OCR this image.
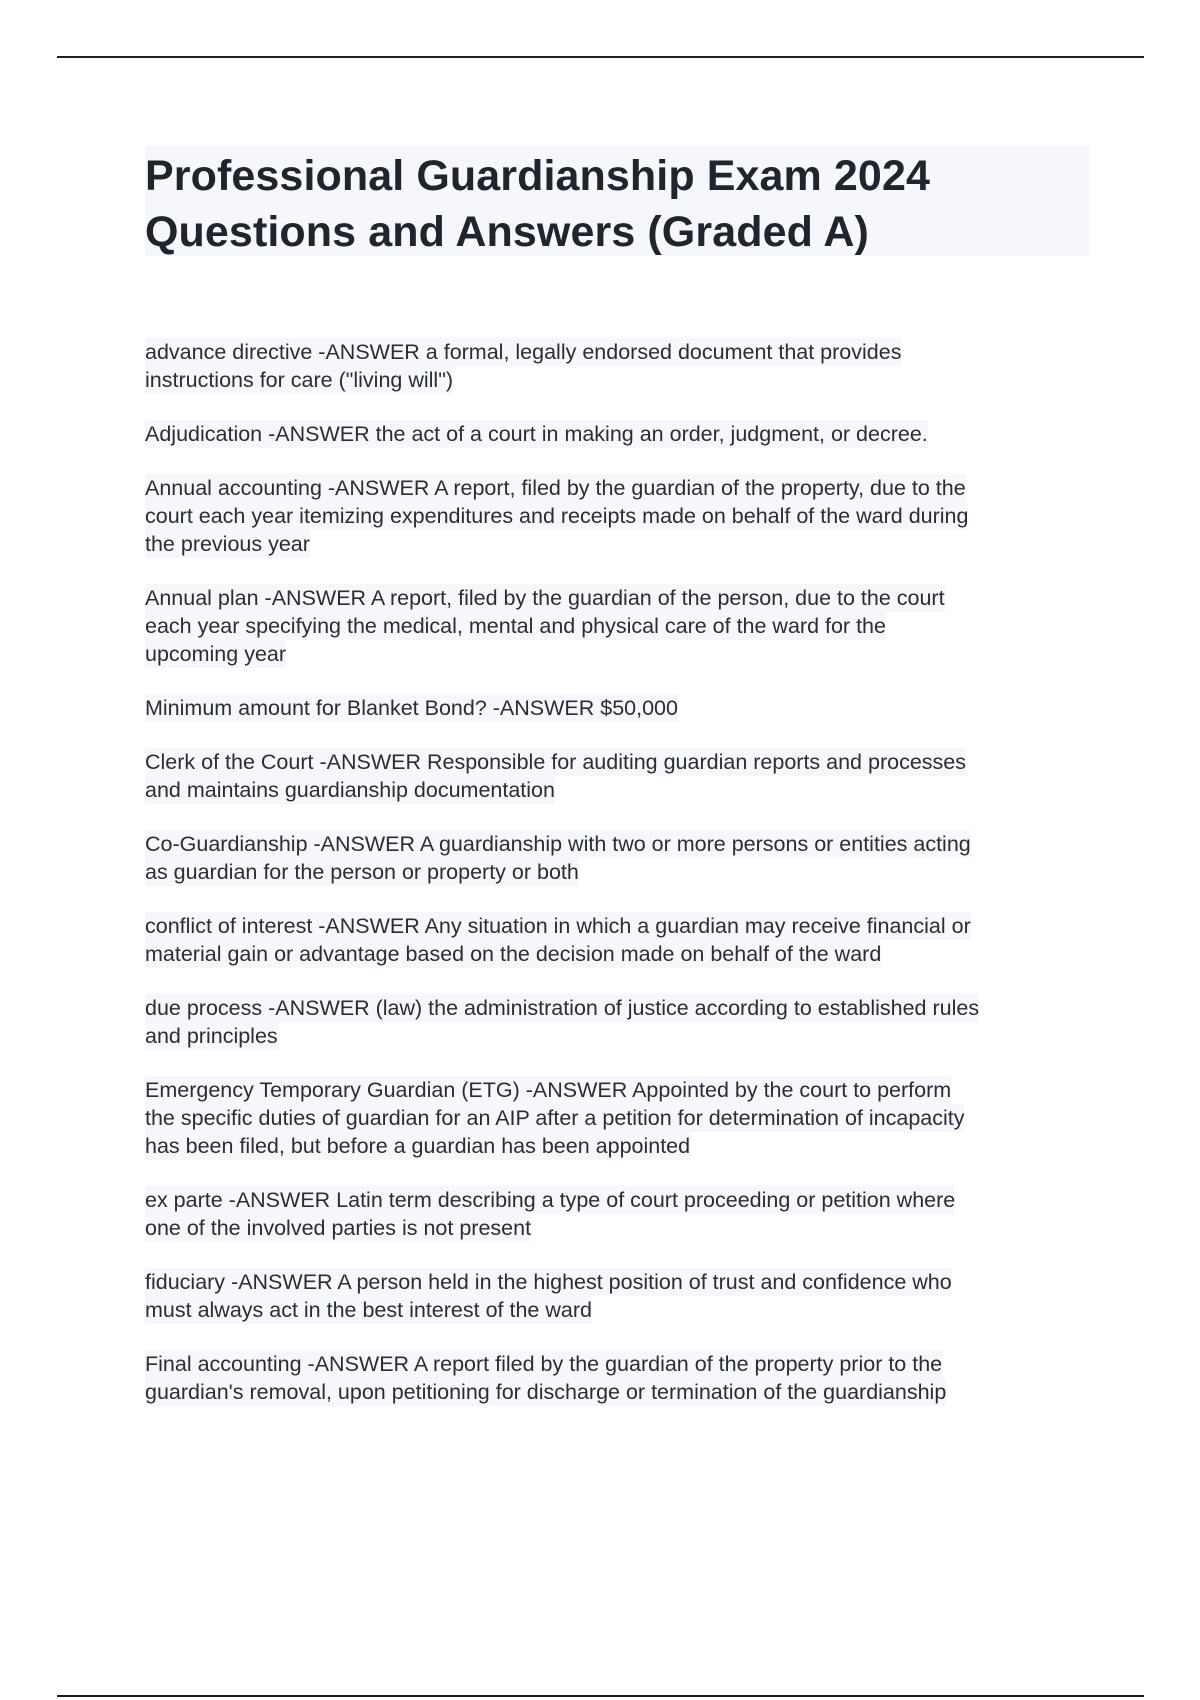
Professional Guardianship Exam 2024
Questions and Answers (Graded A)
advance directive -ANSWER a formal, legally endorsed document that provides
instructions for care ("living will")
Adjudication -ANSWER the act of a court in making an order, judgment, or decree.
Annual accounting -ANSWER A report, filed by the guardian of the property, due to the
court each year itemizing expenditures and receipts made on behalf of the ward during
the previous year
Annual plan -ANSWER A report, filed by the guardian of the person, due to the court
each year specifying the medical, mental and physical care of the ward for the
upcoming year
Minimum amount for Blanket Bond? -ANSWER $50,000
Clerk of the Court -ANSWER Responsible for auditing guardian reports and processes
and maintains guardianship documentation
Co-Guardianship -ANSWER A guardianship with two or more persons or entities acting
as guardian for the person or property or both
conflict of interest -ANSWER Any situation in which a guardian may receive financial or
material gain or advantage based on the decision made on behalf of the ward
due process -ANSWER (law) the administration of justice according to established rules
and principles
Emergency Temporary Guardian (ETG) -ANSWER Appointed by the court to perform
the specific duties of guardian for an AIP after a petition for determination of incapacity
has been filed, but before a guardian has been appointed
ex parte -ANSWER Latin term describing a type of court proceeding or petition where
one of the involved parties is not present
fiduciary -ANSWER A person held in the highest position of trust and confidence who
must always act in the best interest of the ward
Final accounting -ANSWER A report filed by the guardian of the property prior to the
guardian's removal, upon petitioning for discharge or termination of the guardianship
